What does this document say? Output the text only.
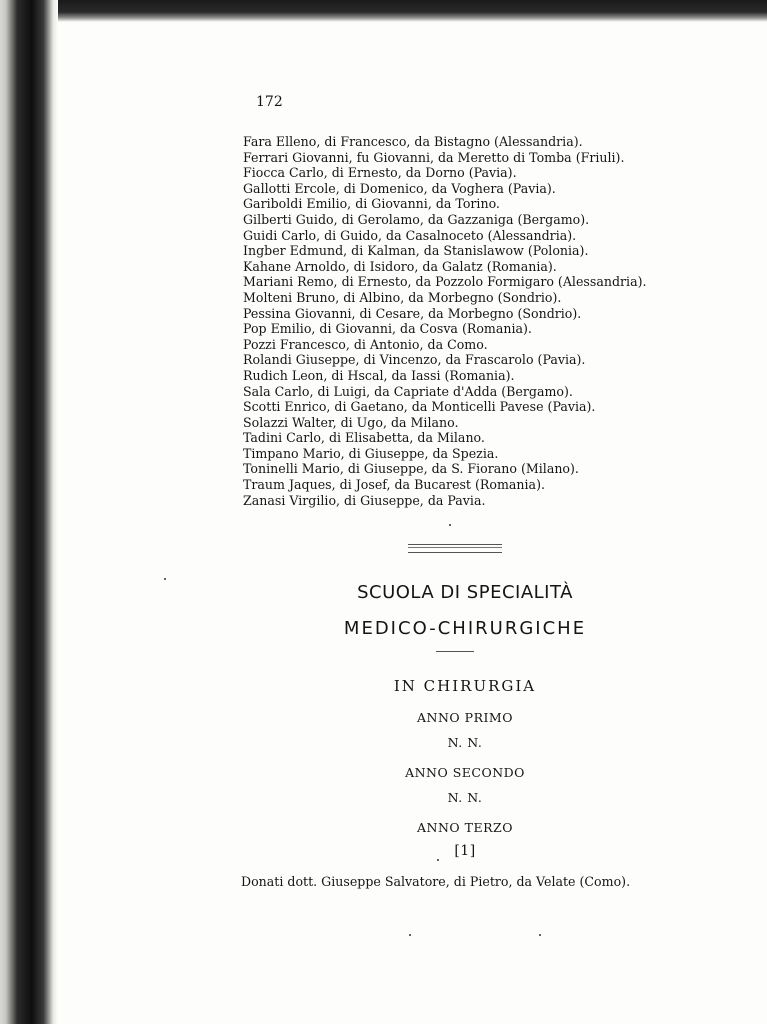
172
Fara Elleno, di Francesco, da Bistagno (Alessandria).
Ferrari Giovanni, fu Giovanni, da Meretto di Tomba (Friuli).
Fiocca Carlo, di Ernesto, da Dorno (Pavia).
Gallotti Ercole, di Domenico, da Voghera (Pavia).
Gariboldi Emilio, di Giovanni, da Torino.
Gilberti Guido, di Gerolamo, da Gazzaniga (Bergamo).
Guidi Carlo, di Guido, da Casalnoceto (Alessandria).
Ingber Edmund, di Kalman, da Stanislawow (Polonia).
Kahane Arnoldo, di Isidoro, da Galatz (Romania).
Mariani Remo, di Ernesto, da Pozzolo Formigaro (Alessandria).
Molteni Bruno, di Albino, da Morbegno (Sondrio).
Pessina Giovanni, di Cesare, da Morbegno (Sondrio).
Pop Emilio, di Giovanni, da Cosva (Romania).
Pozzi Francesco, di Antonio, da Como.
Rolandi Giuseppe, di Vincenzo, da Frascarolo (Pavia).
Rudich Leon, di Hscal, da Iassi (Romania).
Sala Carlo, di Luigi, da Capriate d'Adda (Bergamo).
Scotti Enrico, di Gaetano, da Monticelli Pavese (Pavia).
Solazzi Walter, di Ugo, da Milano.
Tadini Carlo, di Elisabetta, da Milano.
Timpano Mario, di Giuseppe, da Spezia.
Toninelli Mario, di Giuseppe, da S. Fiorano (Milano).
Traum Jaques, di Josef, da Bucarest (Romania).
Zanasi Virgilio, di Giuseppe, da Pavia.
SCUOLA DI SPECIALITÀ
MEDICO-CHIRURGICHE
IN CHIRURGIA
ANNO PRIMO
N. N.
ANNO SECONDO
N. N.
ANNO TERZO
[1]
Donati dott. Giuseppe Salvatore, di Pietro, da Velate (Como).
